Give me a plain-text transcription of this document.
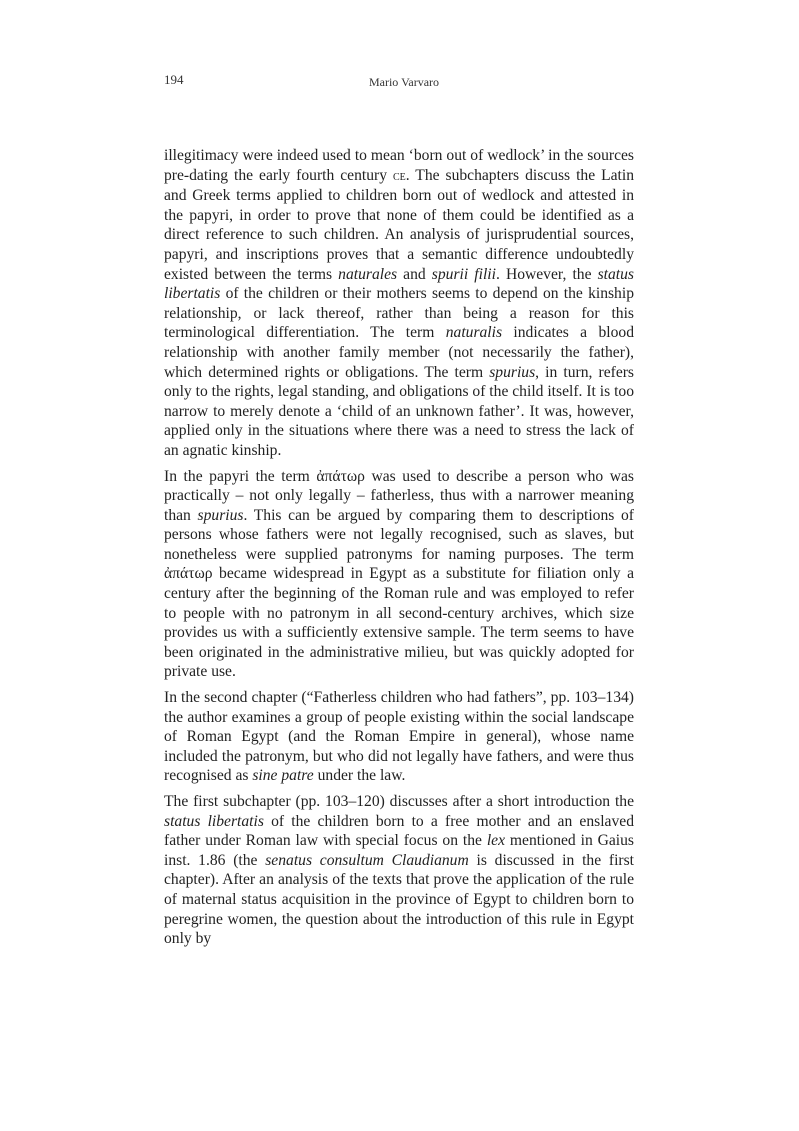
194	Mario Varvaro

illegitimacy were indeed used to mean ‘born out of wedlock’ in the sources pre-dating the early fourth century ce. The subchapters discuss the Latin and Greek terms applied to children born out of wedlock and attested in the papyri, in order to prove that none of them could be identified as a direct reference to such children. An analysis of jurisprudential sources, papyri, and inscriptions proves that a semantic difference undoubtedly existed between the terms naturales and spurii filii. However, the status libertatis of the children or their mothers seems to depend on the kinship relationship, or lack thereof, rather than being a reason for this terminological differentiation. The term naturalis indicates a blood relationship with another family member (not necessarily the father), which determined rights or obligations. The term spurius, in turn, refers only to the rights, legal standing, and obligations of the child itself. It is too narrow to merely denote a ‘child of an unknown father’. It was, however, applied only in the situations where there was a need to stress the lack of an agnatic kinship.

In the papyri the term ἀπάτωρ was used to describe a person who was practically – not only legally – fatherless, thus with a narrower meaning than spurius. This can be argued by comparing them to descriptions of persons whose fathers were not legally recognised, such as slaves, but nonetheless were supplied patronyms for naming purposes. The term ἀπάτωρ became widespread in Egypt as a substitute for filiation only a century after the beginning of the Roman rule and was employed to refer to people with no patronym in all second-century archives, which size provides us with a sufficiently extensive sample. The term seems to have been originated in the administrative milieu, but was quickly adopted for private use.

In the second chapter (“Fatherless children who had fathers”, pp. 103–134) the author examines a group of people existing within the social landscape of Roman Egypt (and the Roman Empire in general), whose name included the patronym, but who did not legally have fathers, and were thus recognised as sine patre under the law.

The first subchapter (pp. 103–120) discusses after a short introduction the status libertatis of the children born to a free mother and an enslaved father under Roman law with special focus on the lex mentioned in Gaius inst. 1.86 (the senatus consultum Claudianum is discussed in the first chapter). After an analysis of the texts that prove the application of the rule of maternal status acquisition in the province of Egypt to children born to peregrine women, the question about the introduction of this rule in Egypt only by
